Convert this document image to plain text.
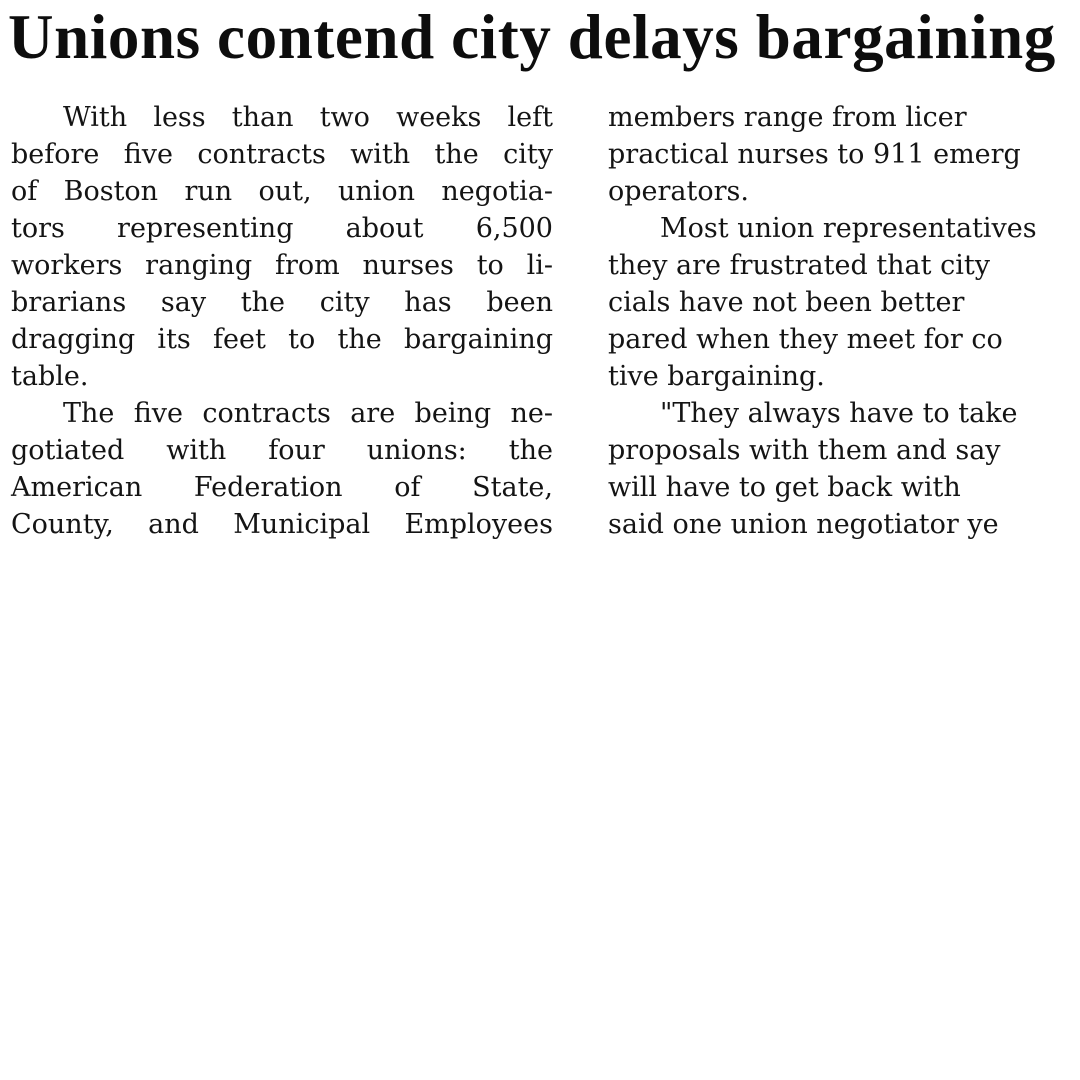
Unions contend city delays bargaining

With less than two weeks left
before five contracts with the city
of Boston run out, union negotia-
tors representing about 6,500
workers ranging from nurses to li-
brarians say the city has been
dragging its feet to the bargaining
table.

The five contracts are being ne-
gotiated with four unions: the
American Federation of State,
County, and Municipal Employees

members range from licer
practical nurses to 911 emerg
operators.

Most union representatives
they are frustrated that city
cials have not been better
pared when they meet for co
tive bargaining.

"They always have to take
proposals with them and say
will have to get back with
said one union negotiator ye
